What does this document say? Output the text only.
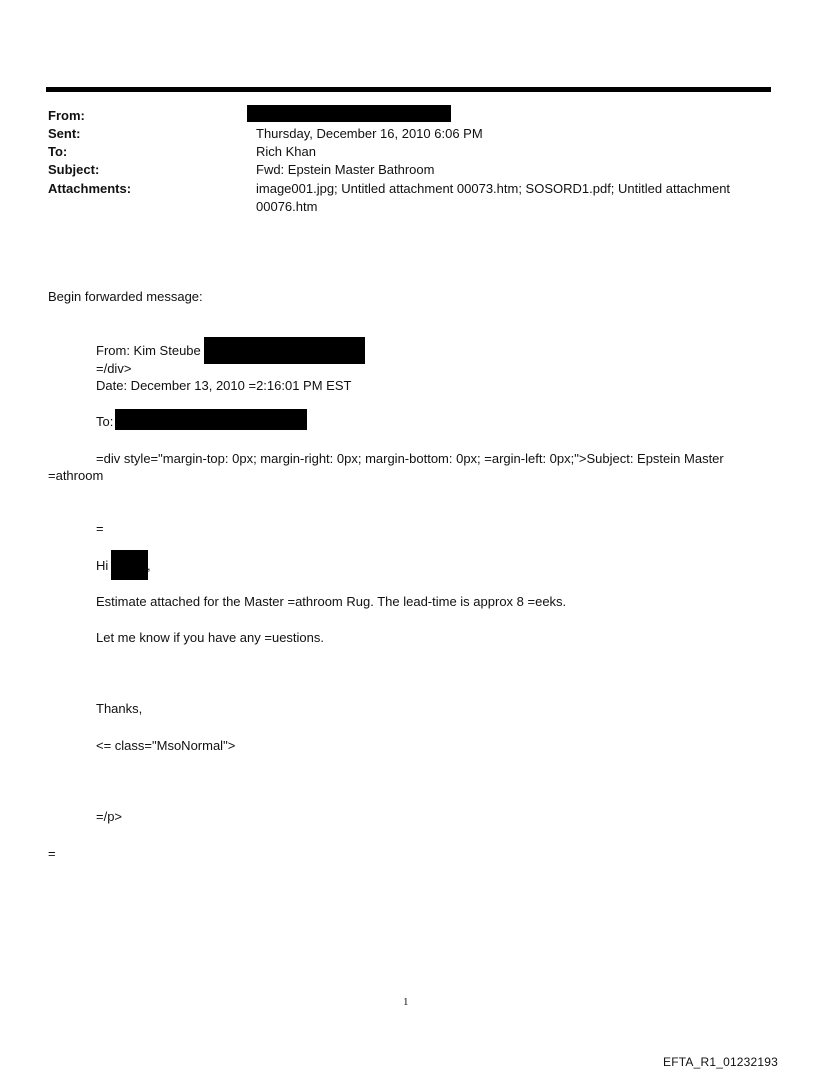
From:
Sent:	Thursday, December 16, 2010 6:06 PM
To:	Rich Khan
Subject:	Fwd: Epstein Master Bathroom
Attachments:	image001.jpg; Untitled attachment 00073.htm; SOSORD1.pdf; Untitled attachment
00076.htm
Begin forwarded message:
From: Kim Steube
=/div>
Date: December 13, 2010 =2:16:01 PM EST
To:
=div style="margin-top: 0px; margin-right: 0px; margin-bottom: 0px; =argin-left: 0px;">Subject: Epstein Master
=athroom
=
Hi	,
Estimate attached for the Master =athroom Rug. The lead-time is approx 8 =eeks.
Let me know if you have any =uestions.
Thanks,
<= class="MsoNormal">
=/p>
=
1
EFTA_R1_01232193
